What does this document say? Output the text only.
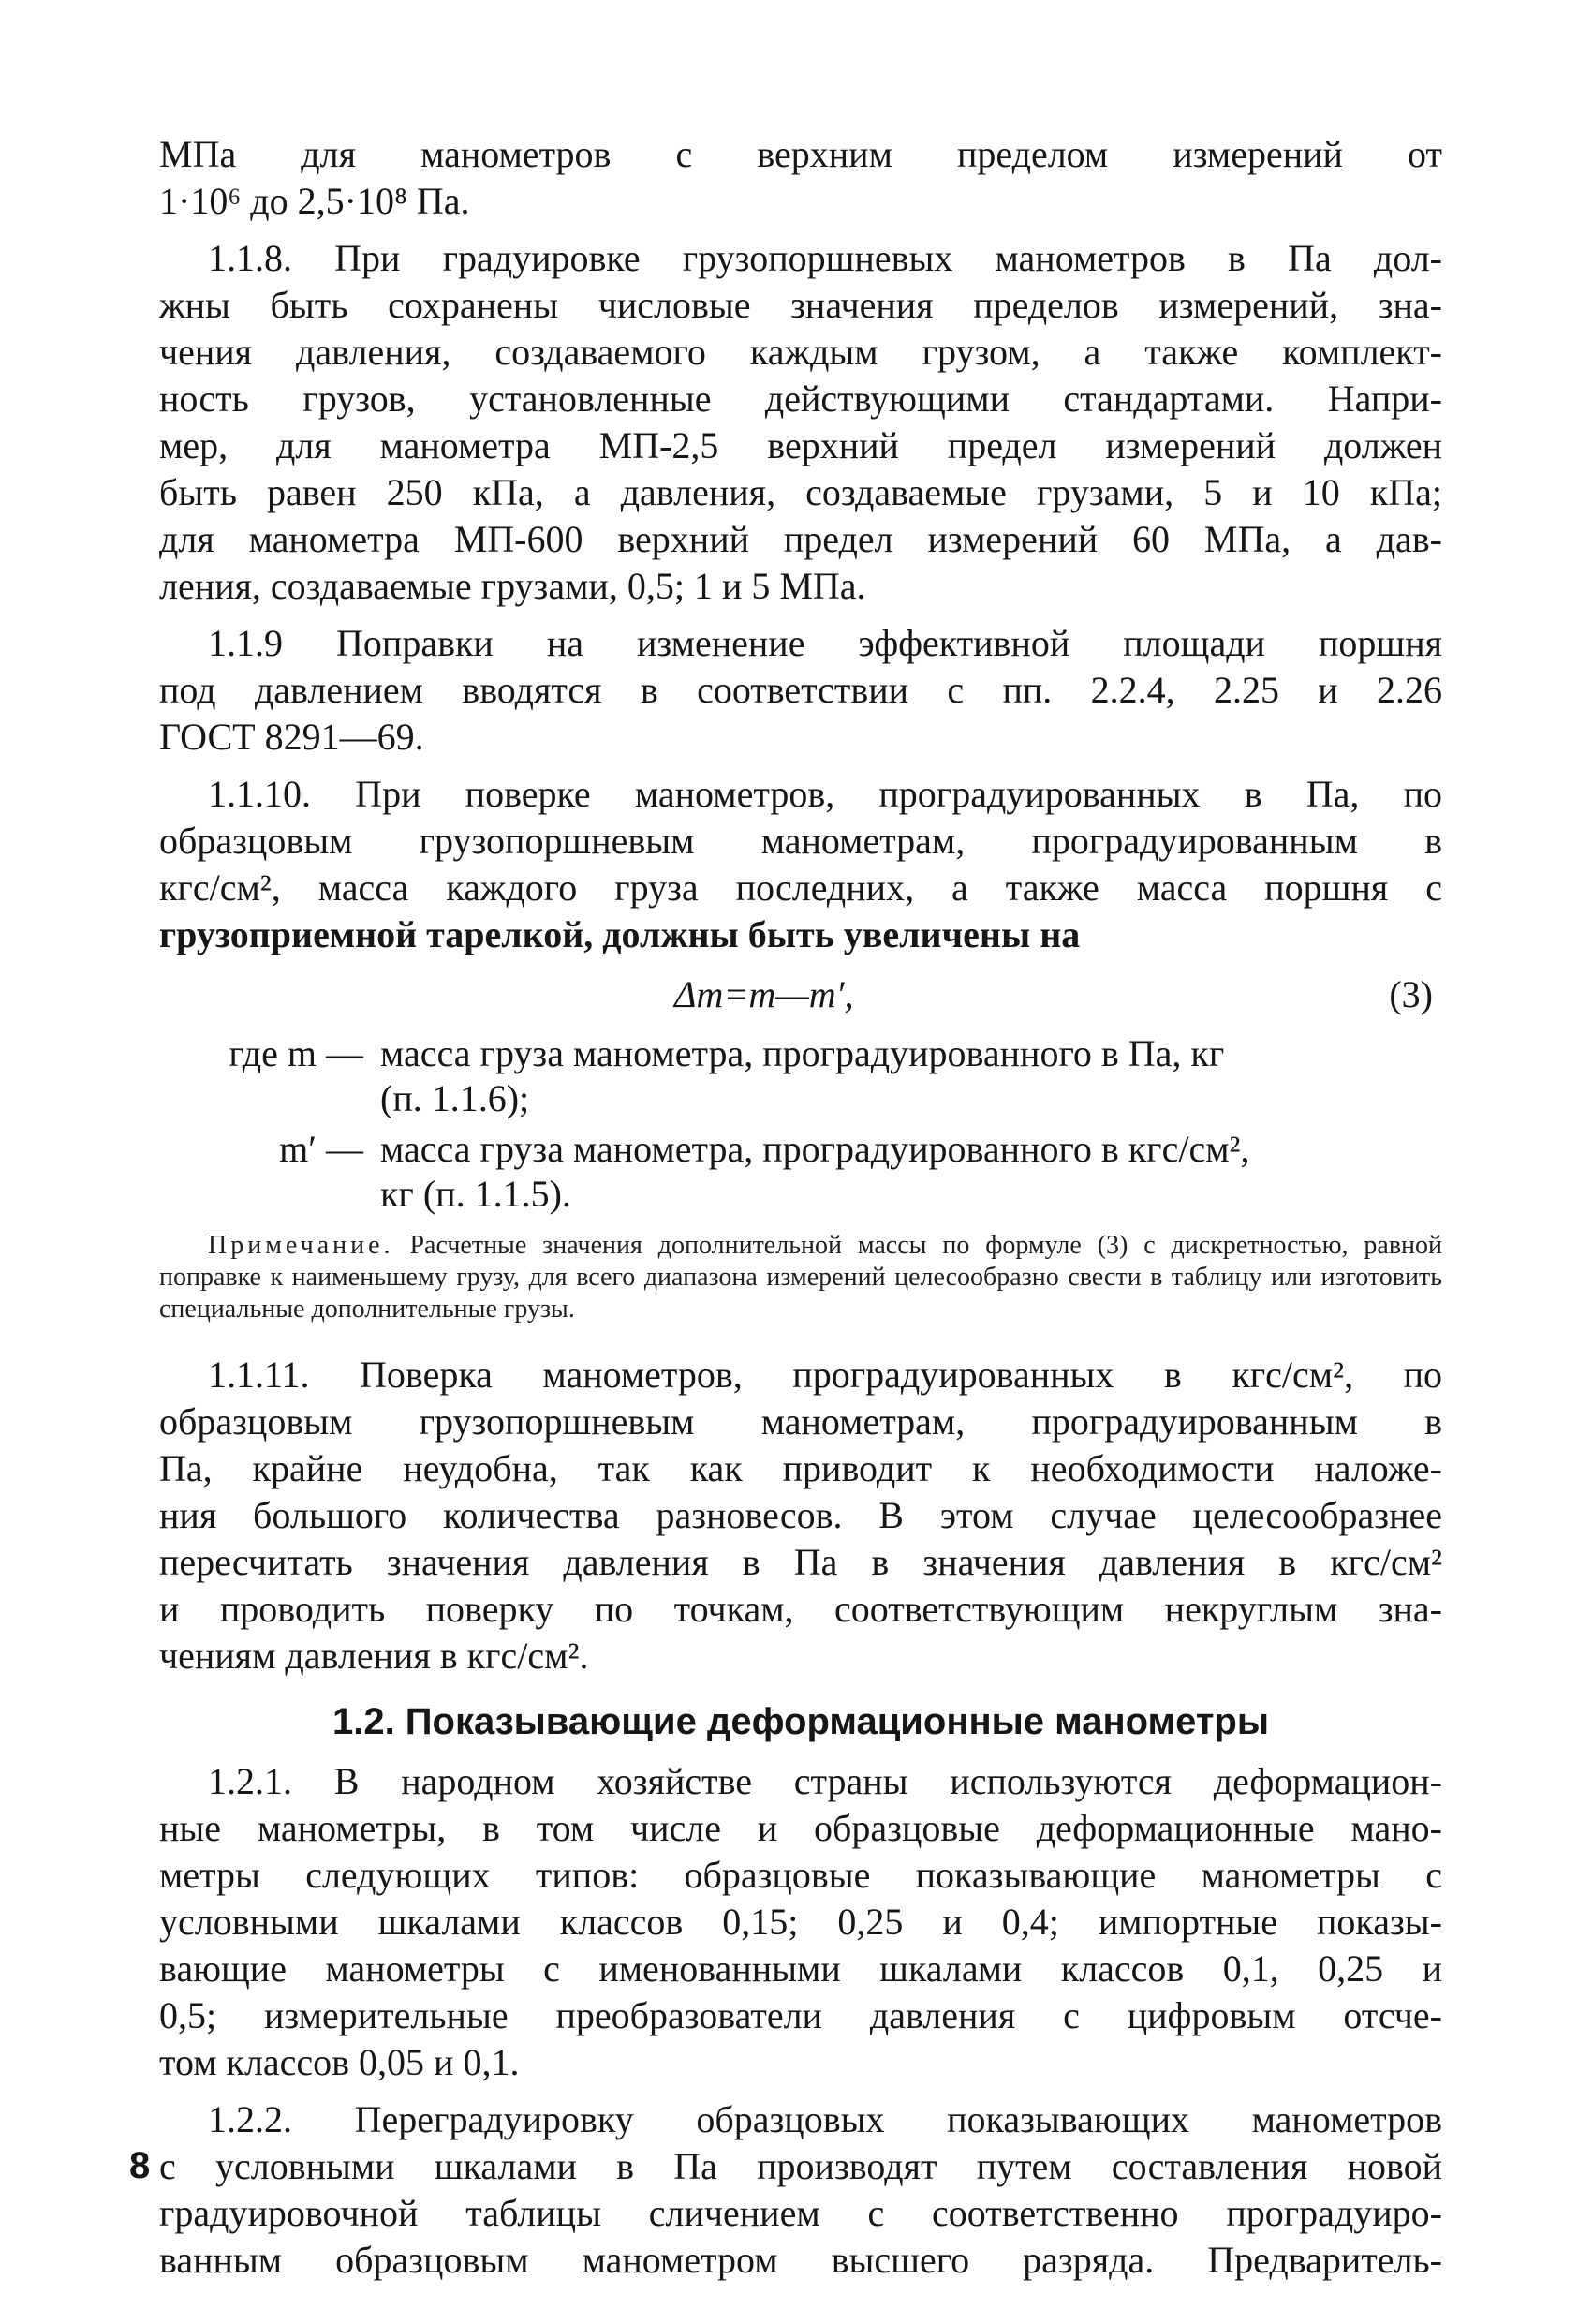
МПа для манометров с верхним пределом измерений от

1·10⁶ до 2,5·10⁸ Па.

1.1.8. При градуировке грузопоршневых манометров в Па дол-

жны быть сохранены числовые значения пределов измерений, зна-

чения давления, создаваемого каждым грузом, а также комплект-

ность грузов, установленные действующими стандартами. Напри-

мер, для манометра МП-2,5 верхний предел измерений должен

быть равен 250 кПа, а давления, создаваемые грузами, 5 и 10 кПа;

для манометра МП-600 верхний предел измерений 60 МПа, а дав-

ления, создаваемые грузами, 0,5; 1 и 5 МПа.

1.1.9 Поправки на изменение эффективной площади поршня

под давлением вводятся в соответствии с пп. 2.2.4, 2.25 и 2.26

ГОСТ 8291—69.

1.1.10. При поверке манометров, проградуированных в Па, по

образцовым грузопоршневым манометрам, проградуированным в

кгс/см², масса каждого груза последних, а также масса поршня с

грузоприемной тарелкой, должны быть увеличены на

Δm=m—m′,	(3)
где m — масса груза манометра, проградуированного в Па, кг
(п. 1.1.6);
m′ — масса груза манометра, проградуированного в кгс/см²,
кг (п. 1.1.5).

Примечание. Расчетные значения дополнительной массы по формуле (3) с дискретностью, равной поправке к наименьшему грузу, для всего диапазона измерений целесообразно свести в таблицу или изготовить специальные дополнительные грузы.

1.1.11. Поверка манометров, проградуированных в кгс/см², по

образцовым грузопоршневым манометрам, проградуированным в

Па, крайне неудобна, так как приводит к необходимости наложе-

ния большого количества разновесов. В этом случае целесообразнее

пересчитать значения давления в Па в значения давления в кгс/см²

и проводить поверку по точкам, соответствующим некруглым зна-

чениям давления в кгс/см².

1.2. Показывающие деформационные манометры

1.2.1. В народном хозяйстве страны используются деформацион-

ные манометры, в том числе и образцовые деформационные мано-

метры следующих типов: образцовые показывающие манометры с

условными шкалами классов 0,15; 0,25 и 0,4; импортные показы-

вающие манометры с именованными шкалами классов 0,1, 0,25 и

0,5; измерительные преобразователи давления с цифровым отсче-

том классов 0,05 и 0,1.

1.2.2. Переградуировку образцовых показывающих манометров

с условными шкалами в Па производят путем составления новой

градуировочной таблицы сличением с соответственно проградуиро-

ванным образцовым манометром высшего разряда. Предваритель-

8
